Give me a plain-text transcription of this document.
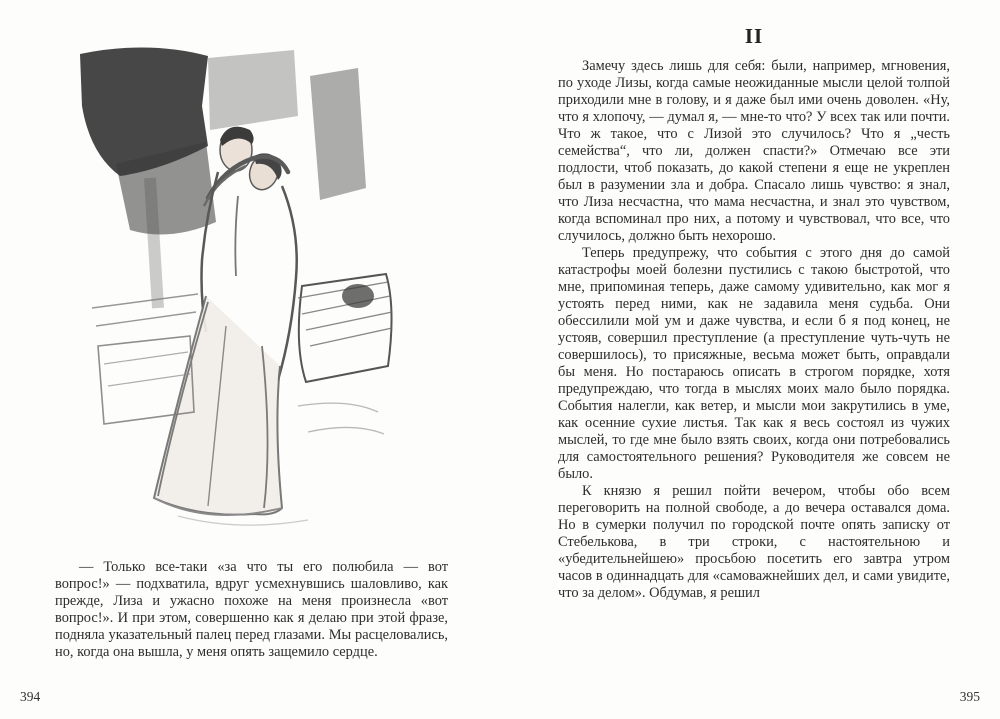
— Только все-таки «за что ты его полюбила — вот вопрос!» — подхватила, вдруг усмехнувшись шаловливо, как прежде, Лиза и ужасно похоже на меня произнесла «вот вопрос!». И при этом, совершенно как я делаю при этой фразе, подняла указательный палец перед глазами. Мы расцеловались, но, когда она вышла, у меня опять защемило сердце.

394
II

Замечу здесь лишь для себя: были, например, мгновения, по уходе Лизы, когда самые неожиданные мысли целой толпой приходили мне в голову, и я даже был ими очень доволен. «Ну, что я хлопочу, — думал я, — мне-то что? У всех так или почти. Что ж такое, что с Лизой это случилось? Что я „честь семейства“, что ли, должен спасти?» Отмечаю все эти подлости, чтоб показать, до какой степени я еще не укреплен был в разумении зла и добра. Спасало лишь чувство: я знал, что Лиза несчастна, что мама несчастна, и знал это чувством, когда вспоминал про них, а потому и чувствовал, что все, что случилось, должно быть нехорошо.

Теперь предупрежу, что события с этого дня до самой катастрофы моей болезни пустились с такою быстротой, что мне, припоминая теперь, даже самому удивительно, как мог я устоять перед ними, как не задавила меня судьба. Они обессилили мой ум и даже чувства, и если б я под конец, не устояв, совершил преступление (а преступление чуть-чуть не совершилось), то присяжные, весьма может быть, оправдали бы меня. Но постараюсь описать в строгом порядке, хотя предупреждаю, что тогда в мыслях моих мало было порядка. События налегли, как ветер, и мысли мои закрутились в уме, как осенние сухие листья. Так как я весь состоял из чужих мыслей, то где мне было взять своих, когда они потребовались для самостоятельного решения? Руководителя же совсем не было.

К князю я решил пойти вечером, чтобы обо всем переговорить на полной свободе, а до вечера оставался дома. Но в сумерки получил по городской почте опять записку от Стебелькова, в три строки, с настоятельною и «убедительнейшею» просьбою посетить его завтра утром часов в одиннадцать для «самоважнейших дел, и сами увидите, что за делом». Обдумав, я решил

395
